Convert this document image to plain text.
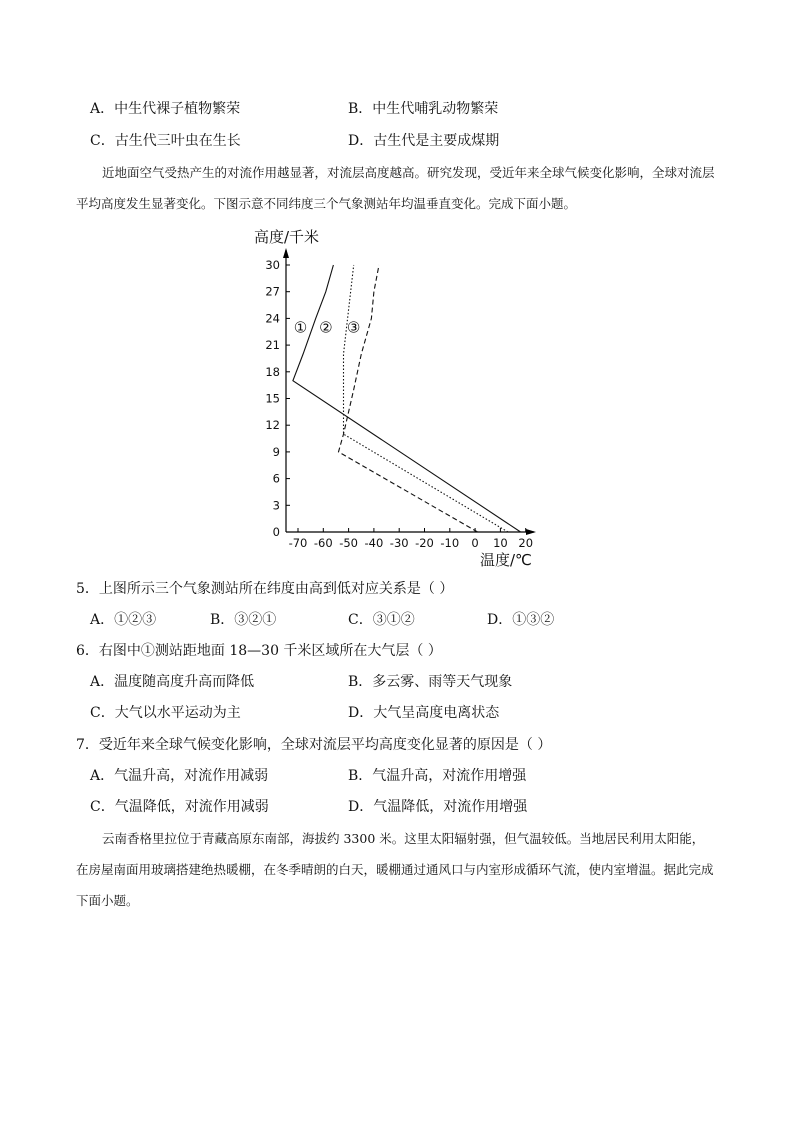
A．中生代裸子植物繁荣	B．中生代哺乳动物繁荣
C．古生代三叶虫在生长	D．古生代是主要成煤期
近地面空气受热产生的对流作用越显著，对流层高度越高。研究发现，受近年来全球气候变化影响，全球对流层平均高度发生显著变化。下图示意不同纬度三个气象测站年均温垂直变化。完成下面小题。
0
3
6
9
12
15
18
21
24
27
30
-70 -60 -50 -40 -30 -20 -10 0 10 20
高度/千米
温度/℃
① ② ③
5．上图所示三个气象测站所在纬度由高到低对应关系是（ ）
A．①②③	B．③②①	C．③①②	D．①③②
6．右图中①测站距地面 18—30 千米区域所在大气层（ ）
A．温度随高度升高而降低	B．多云雾、雨等天气现象
C．大气以水平运动为主	D．大气呈高度电离状态
7．受近年来全球气候变化影响，全球对流层平均高度变化显著的原因是（ ）
A．气温升高，对流作用减弱	B．气温升高，对流作用增强
C．气温降低，对流作用减弱	D．气温降低，对流作用增强
云南香格里拉位于青藏高原东南部，海拔约 3300 米。这里太阳辐射强，但气温较低。当地居民利用太阳能，在房屋南面用玻璃搭建绝热暖棚，在冬季晴朗的白天，暖棚通过通风口与内室形成循环气流，使内室增温。据此完成下面小题。
